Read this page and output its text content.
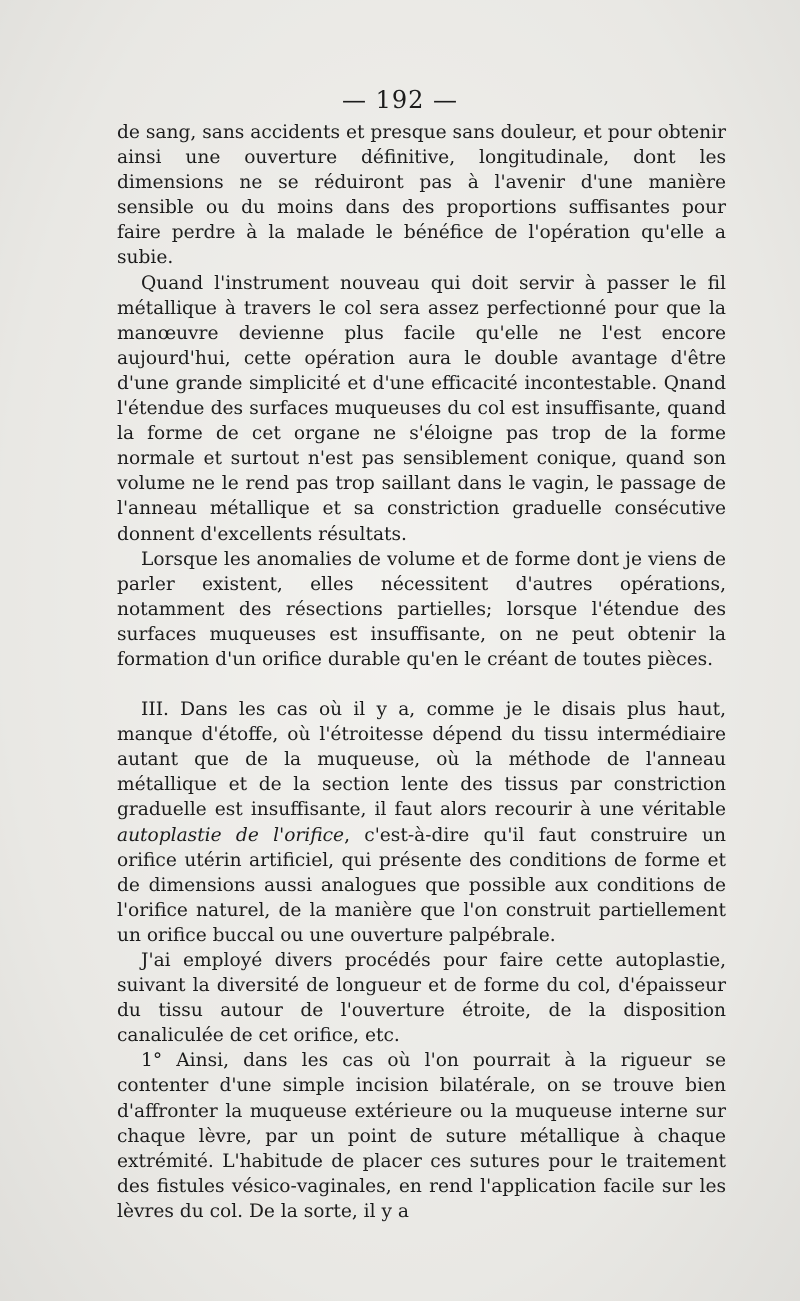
— 192 —

de sang, sans accidents et presque sans douleur, et pour obtenir ainsi une ouverture définitive, longitudinale, dont les dimensions ne se réduiront pas à l'avenir d'une manière sensible ou du moins dans des proportions suffisantes pour faire perdre à la malade le bénéfice de l'opération qu'elle a subie.

Quand l'instrument nouveau qui doit servir à passer le fil métallique à travers le col sera assez perfectionné pour que la manœuvre devienne plus facile qu'elle ne l'est encore aujourd'hui, cette opération aura le double avantage d'être d'une grande simplicité et d'une efficacité incontestable. Qnand l'étendue des surfaces muqueuses du col est insuffisante, quand la forme de cet organe ne s'éloigne pas trop de la forme normale et surtout n'est pas sensiblement conique, quand son volume ne le rend pas trop saillant dans le vagin, le passage de l'anneau métallique et sa constriction graduelle consécutive donnent d'excellents résultats.

Lorsque les anomalies de volume et de forme dont je viens de parler existent, elles nécessitent d'autres opérations, notamment des résections partielles; lorsque l'étendue des surfaces muqueuses est insuffisante, on ne peut obtenir la formation d'un orifice durable qu'en le créant de toutes pièces.

III. Dans les cas où il y a, comme je le disais plus haut, manque d'étoffe, où l'étroitesse dépend du tissu intermédiaire autant que de la muqueuse, où la méthode de l'anneau métallique et de la section lente des tissus par constriction graduelle est insuffisante, il faut alors recourir à une véritable autoplastie de l'orifice, c'est-à-dire qu'il faut construire un orifice utérin artificiel, qui présente des conditions de forme et de dimensions aussi analogues que possible aux conditions de l'orifice naturel, de la manière que l'on construit partiellement un orifice buccal ou une ouverture palpébrale.

J'ai employé divers procédés pour faire cette autoplastie, suivant la diversité de longueur et de forme du col, d'épaisseur du tissu autour de l'ouverture étroite, de la disposition canaliculée de cet orifice, etc.

1° Ainsi, dans les cas où l'on pourrait à la rigueur se contenter d'une simple incision bilatérale, on se trouve bien d'affronter la muqueuse extérieure ou la muqueuse interne sur chaque lèvre, par un point de suture métallique à chaque extrémité. L'habitude de placer ces sutures pour le traitement des fistules vésico-vaginales, en rend l'application facile sur les lèvres du col. De la sorte, il y a
